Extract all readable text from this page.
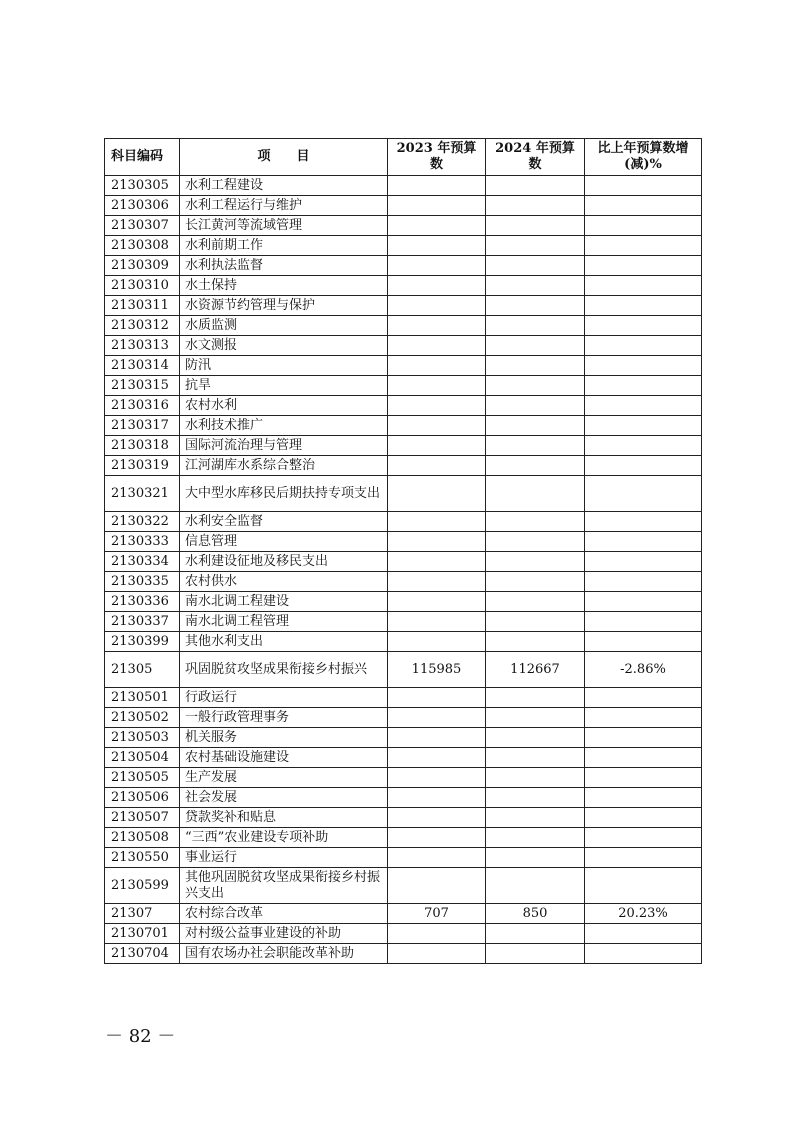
科目编码	项　　目	2023 年预算数	2024 年预算数	比上年预算数增(减)%
2130305	水利工程建设			
2130306	水利工程运行与维护			
2130307	长江黄河等流域管理			
2130308	水利前期工作			
2130309	水利执法监督			
2130310	水土保持			
2130311	水资源节约管理与保护			
2130312	水质监测			
2130313	水文测报			
2130314	防汛			
2130315	抗旱			
2130316	农村水利			
2130317	水利技术推广			
2130318	国际河流治理与管理			
2130319	江河湖库水系综合整治			
2130321	大中型水库移民后期扶持专项支出			
2130322	水利安全监督			
2130333	信息管理			
2130334	水利建设征地及移民支出			
2130335	农村供水			
2130336	南水北调工程建设			
2130337	南水北调工程管理			
2130399	其他水利支出			
21305	巩固脱贫攻坚成果衔接乡村振兴	115985	112667	-2.86%
2130501	行政运行			
2130502	一般行政管理事务			
2130503	机关服务			
2130504	农村基础设施建设			
2130505	生产发展			
2130506	社会发展			
2130507	贷款奖补和贴息			
2130508	“三西”农业建设专项补助			
2130550	事业运行			
2130599	其他巩固脱贫攻坚成果衔接乡村振兴支出			
21307	农村综合改革	707	850	20.23%
2130701	对村级公益事业建设的补助			
2130704	国有农场办社会职能改革补助			
－ 82 －
